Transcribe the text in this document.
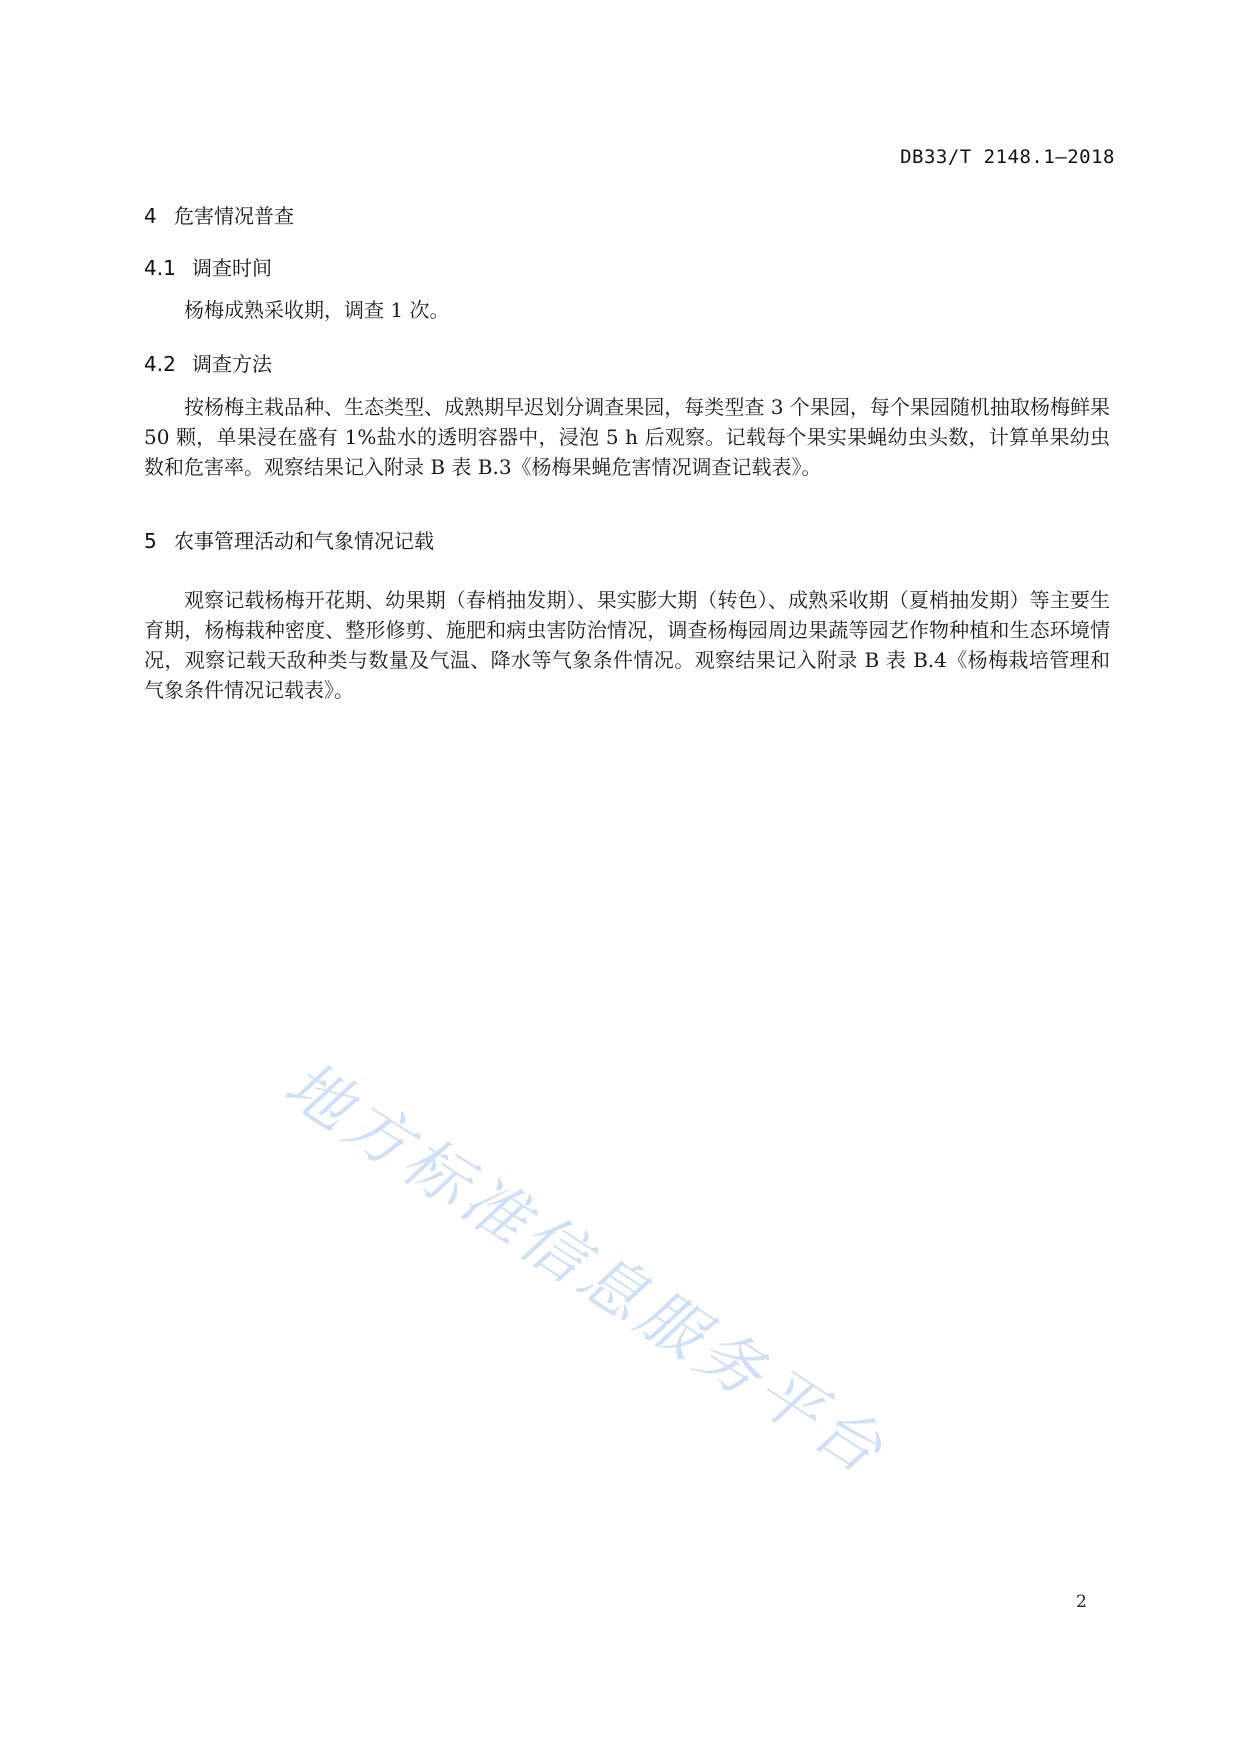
DB33/T 2148.1—2018
4 危害情况普查
4.1 调查时间
杨梅成熟采收期，调查 1 次。
4.2 调查方法
按杨梅主栽品种、生态类型、成熟期早迟划分调查果园，每类型查 3 个果园，每个果园随机抽取杨梅鲜果 50 颗，单果浸在盛有 1%盐水的透明容器中，浸泡 5 h 后观察。记载每个果实果蝇幼虫头数，计算单果幼虫数和危害率。观察结果记入附录 B 表 B.3《杨梅果蝇危害情况调查记载表》。
5 农事管理活动和气象情况记载
观察记载杨梅开花期、幼果期（春梢抽发期）、果实膨大期（转色）、成熟采收期（夏梢抽发期）等主要生育期，杨梅栽种密度、整形修剪、施肥和病虫害防治情况，调查杨梅园周边果蔬等园艺作物种植和生态环境情况，观察记载天敌种类与数量及气温、降水等气象条件情况。观察结果记入附录 B 表 B.4《杨梅栽培管理和气象条件情况记载表》。
地方标准信息服务平台
2
